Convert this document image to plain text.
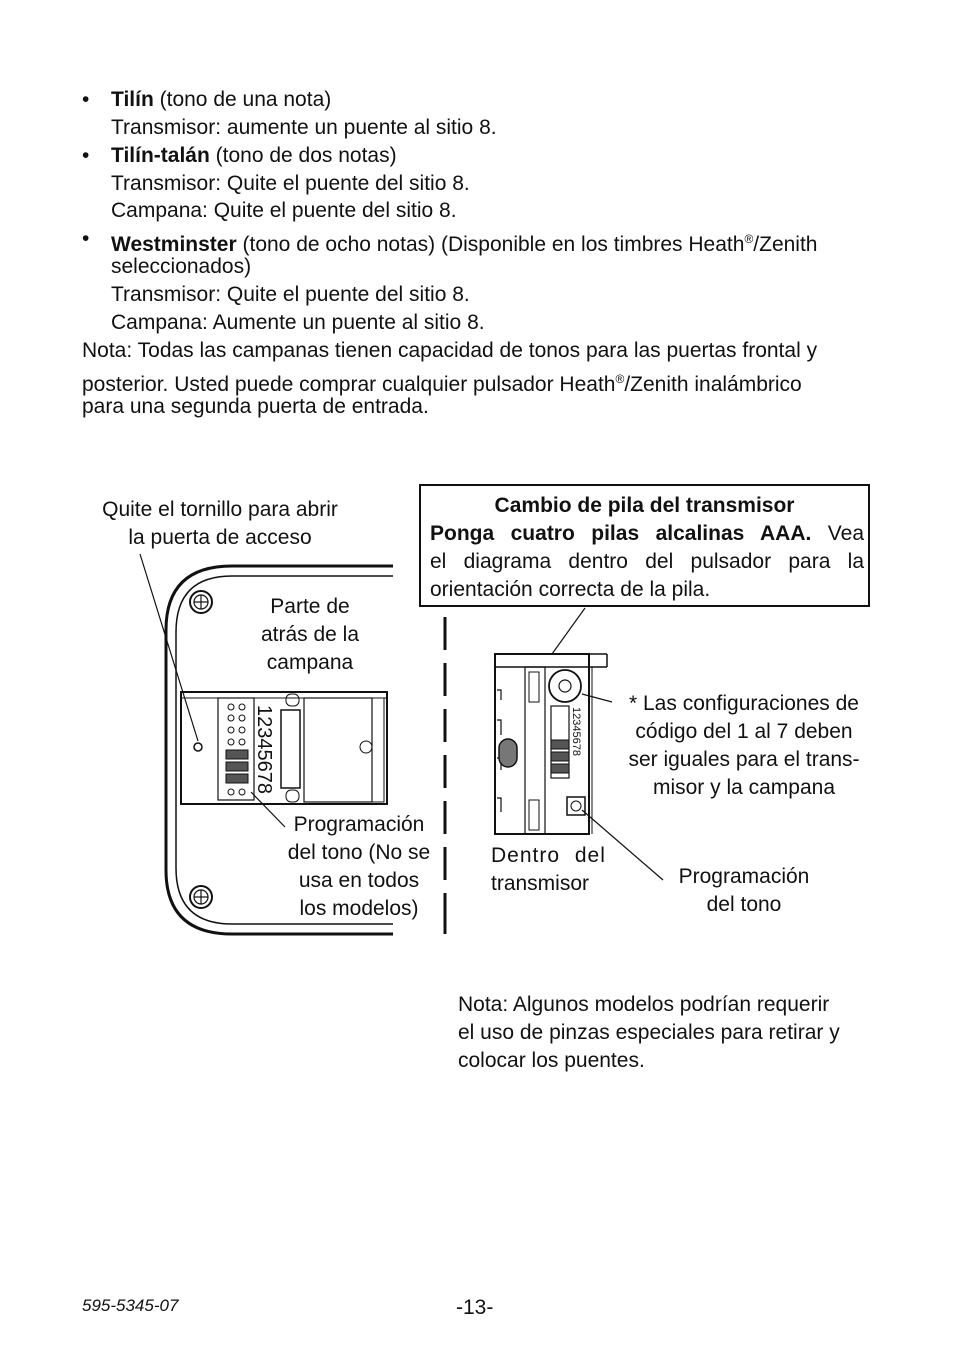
• Tilín (tono de una nota)
Transmisor: aumente un puente al sitio 8.
• Tilín-talán (tono de dos notas)
Transmisor: Quite el puente del sitio 8.
Campana: Quite el puente del sitio 8.
• Westminster (tono de ocho notas) (Disponible en los timbres Heath®/Zenith
seleccionados)
Transmisor: Quite el puente del sitio 8.
Campana: Aumente un puente al sitio 8.
Nota: Todas las campanas tienen capacidad de tonos para las puertas frontal y
posterior. Usted puede comprar cualquier pulsador Heath®/Zenith inalámbrico
para una segunda puerta de entrada.
Quite el tornillo para abrir
la puerta de acceso
Parte de
atrás de la
campana
Programación
del tono (No se
usa en todos
los modelos)
Cambio de pila del transmisor
Ponga cuatro pilas alcalinas AAA. Vea
el diagrama dentro del pulsador para la
orientación correcta de la pila.
* Las configuraciones de
código del 1 al 7 deben
ser iguales para el trans-
misor y la campana
Dentro del
transmisor	Programación
del tono
12345678	12345678
Nota: Algunos modelos podrían requerir
el uso de pinzas especiales para retirar y
colocar los puentes.
595-5345-07	-13-
